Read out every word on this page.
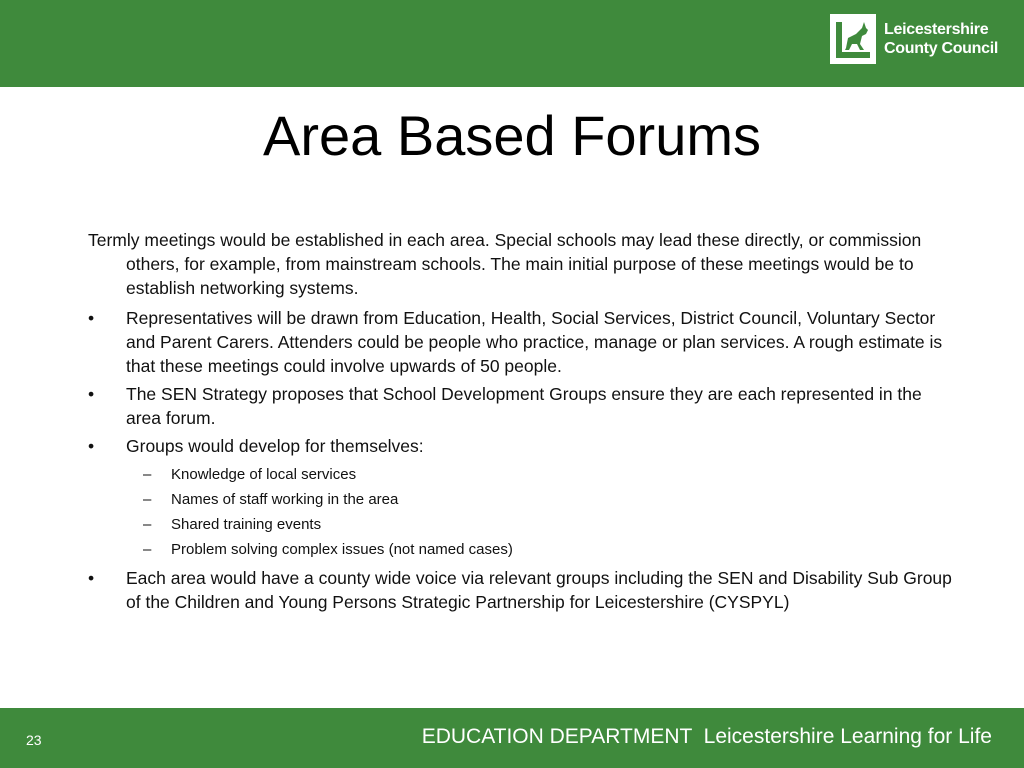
Leicestershire
County Council
Area Based Forums

Termly meetings would be established in each area. Special schools may lead these directly, or commission others, for example, from mainstream schools. The main initial purpose of these meetings would be to establish networking systems.

•	Representatives will be drawn from Education, Health, Social Services, District Council, Voluntary Sector and Parent Carers. Attenders could be people who practice, manage or plan services. A rough estimate is that these meetings could involve upwards of 50 people.
•	The SEN Strategy proposes that School Development Groups ensure they are each represented in the area forum.
•	Groups would develop for themselves:
– Knowledge of local services
– Names of staff working in the area
– Shared training events
– Problem solving complex issues (not named cases)
•	Each area would have a county wide voice via relevant groups including the SEN and Disability Sub Group of the Children and Young Persons Strategic Partnership for Leicestershire (CYSPYL)
23	EDUCATION DEPARTMENT  Leicestershire Learning for Life
